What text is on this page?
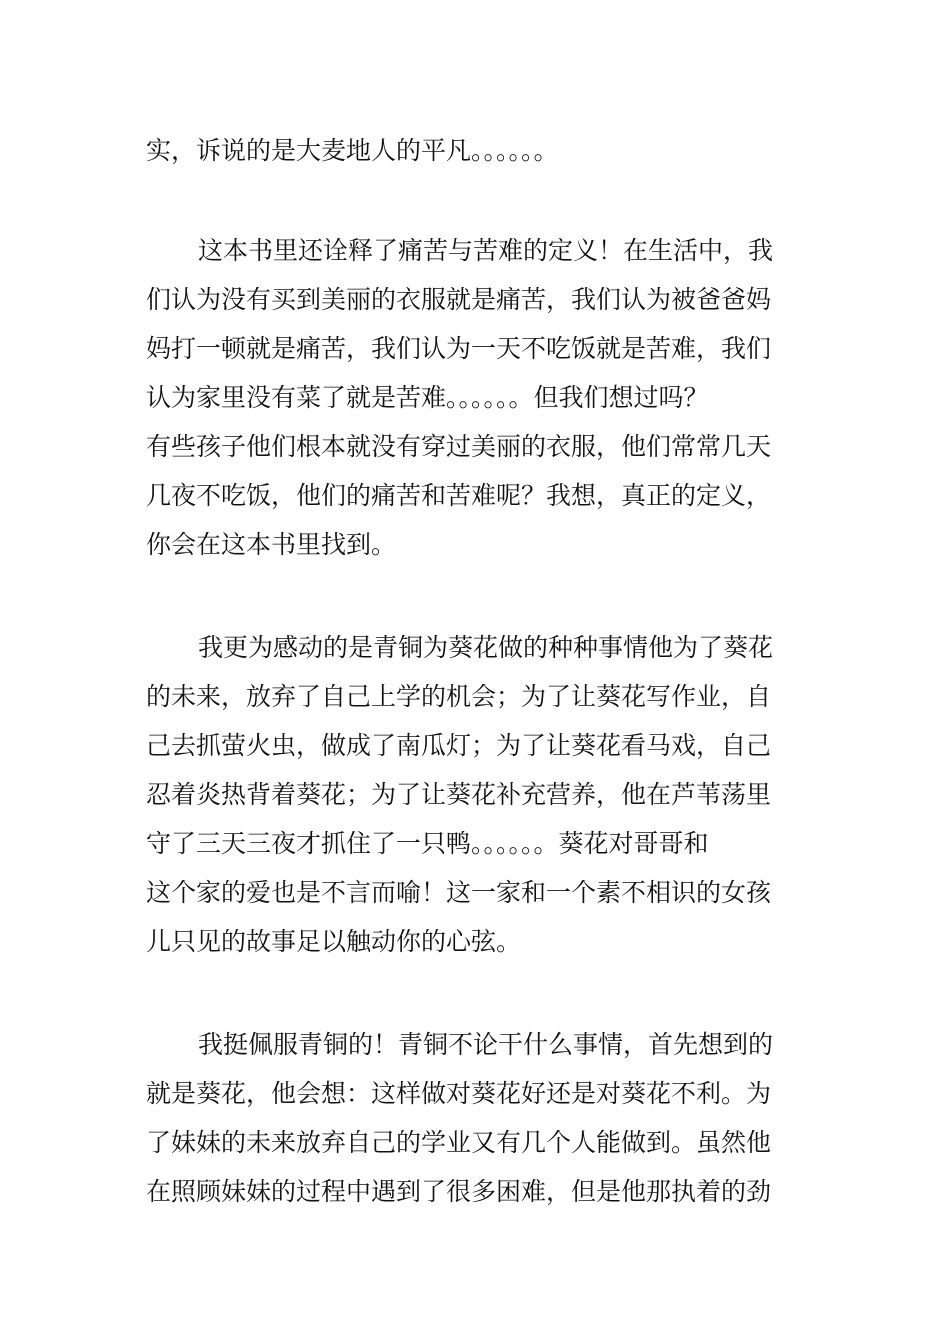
实，诉说的是大麦地人的平凡。。。。。。
这本书里还诠释了痛苦与苦难的定义！在生活中，我
们认为没有买到美丽的衣服就是痛苦，我们认为被爸爸妈
妈打一顿就是痛苦，我们认为一天不吃饭就是苦难，我们
认为家里没有菜了就是苦难。。。。。。但我们想过吗？
有些孩子他们根本就没有穿过美丽的衣服，他们常常几天
几夜不吃饭，他们的痛苦和苦难呢？我想，真正的定义，
你会在这本书里找到。
我更为感动的是青铜为葵花做的种种事情他为了葵花
的未来，放弃了自己上学的机会；为了让葵花写作业，自
己去抓萤火虫，做成了南瓜灯；为了让葵花看马戏，自己
忍着炎热背着葵花；为了让葵花补充营养，他在芦苇荡里
守了三天三夜才抓住了一只鸭。。。。。。葵花对哥哥和
这个家的爱也是不言而喻！这一家和一个素不相识的女孩
儿只见的故事足以触动你的心弦。
我挺佩服青铜的！青铜不论干什么事情，首先想到的
就是葵花，他会想：这样做对葵花好还是对葵花不利。为
了妹妹的未来放弃自己的学业又有几个人能做到。虽然他
在照顾妹妹的过程中遇到了很多困难，但是他那执着的劲
